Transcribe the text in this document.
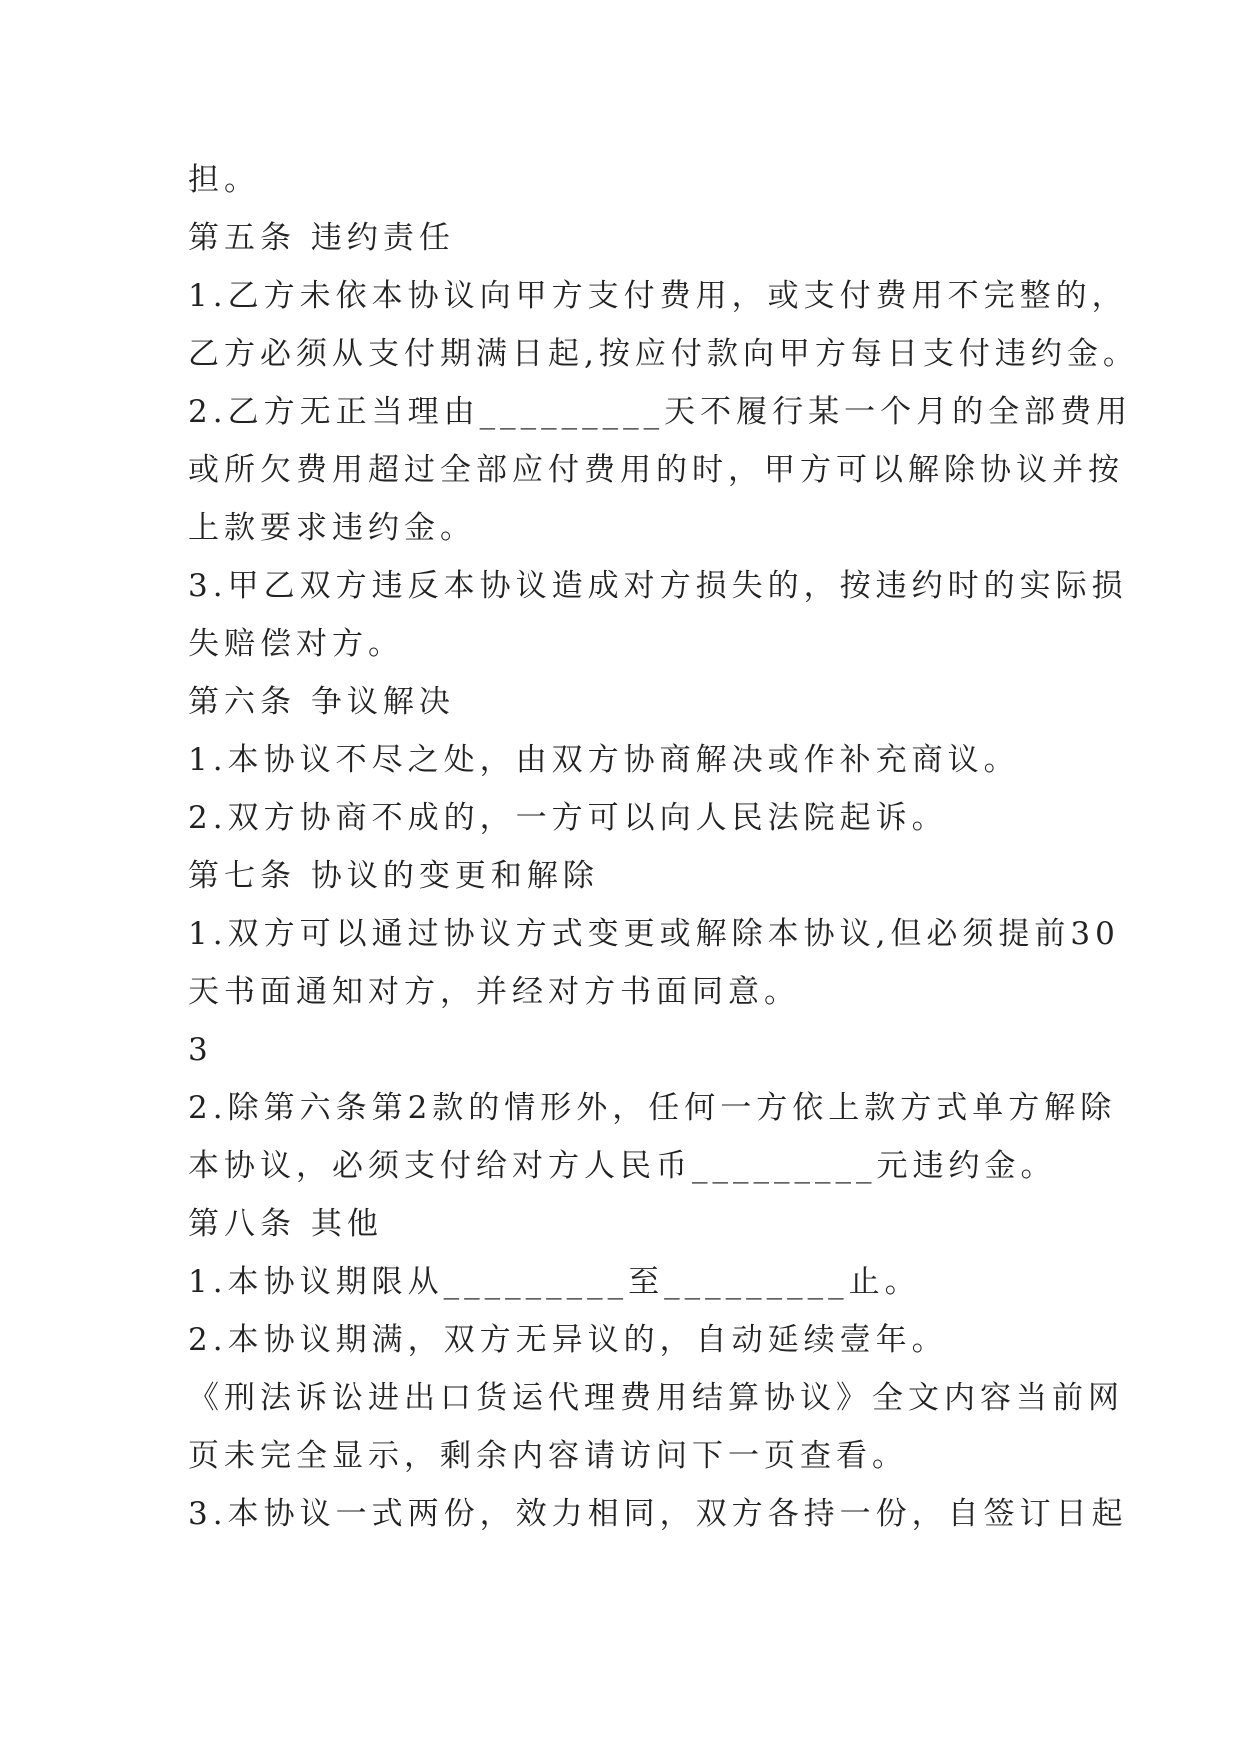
担。
第五条 违约责任
1.乙方未依本协议向甲方支付费用，或支付费用不完整的，
乙方必须从支付期满日起,按应付款向甲方每日支付违约金。
2.乙方无正当理由_________天不履行某一个月的全部费用
或所欠费用超过全部应付费用的时，甲方可以解除协议并按
上款要求违约金。
3.甲乙双方违反本协议造成对方损失的，按违约时的实际损
失赔偿对方。
第六条 争议解决
1.本协议不尽之处，由双方协商解决或作补充商议。
2.双方协商不成的，一方可以向人民法院起诉。
第七条 协议的变更和解除
1.双方可以通过协议方式变更或解除本协议,但必须提前30
天书面通知对方，并经对方书面同意。
3
2.除第六条第2款的情形外，任何一方依上款方式单方解除
本协议，必须支付给对方人民币_________元违约金。
第八条 其他
1.本协议期限从_________至_________止。
2.本协议期满，双方无异议的，自动延续壹年。
《刑法诉讼进出口货运代理费用结算协议》全文内容当前网
页未完全显示，剩余内容请访问下一页查看。
3.本协议一式两份，效力相同，双方各持一份，自签订日起
